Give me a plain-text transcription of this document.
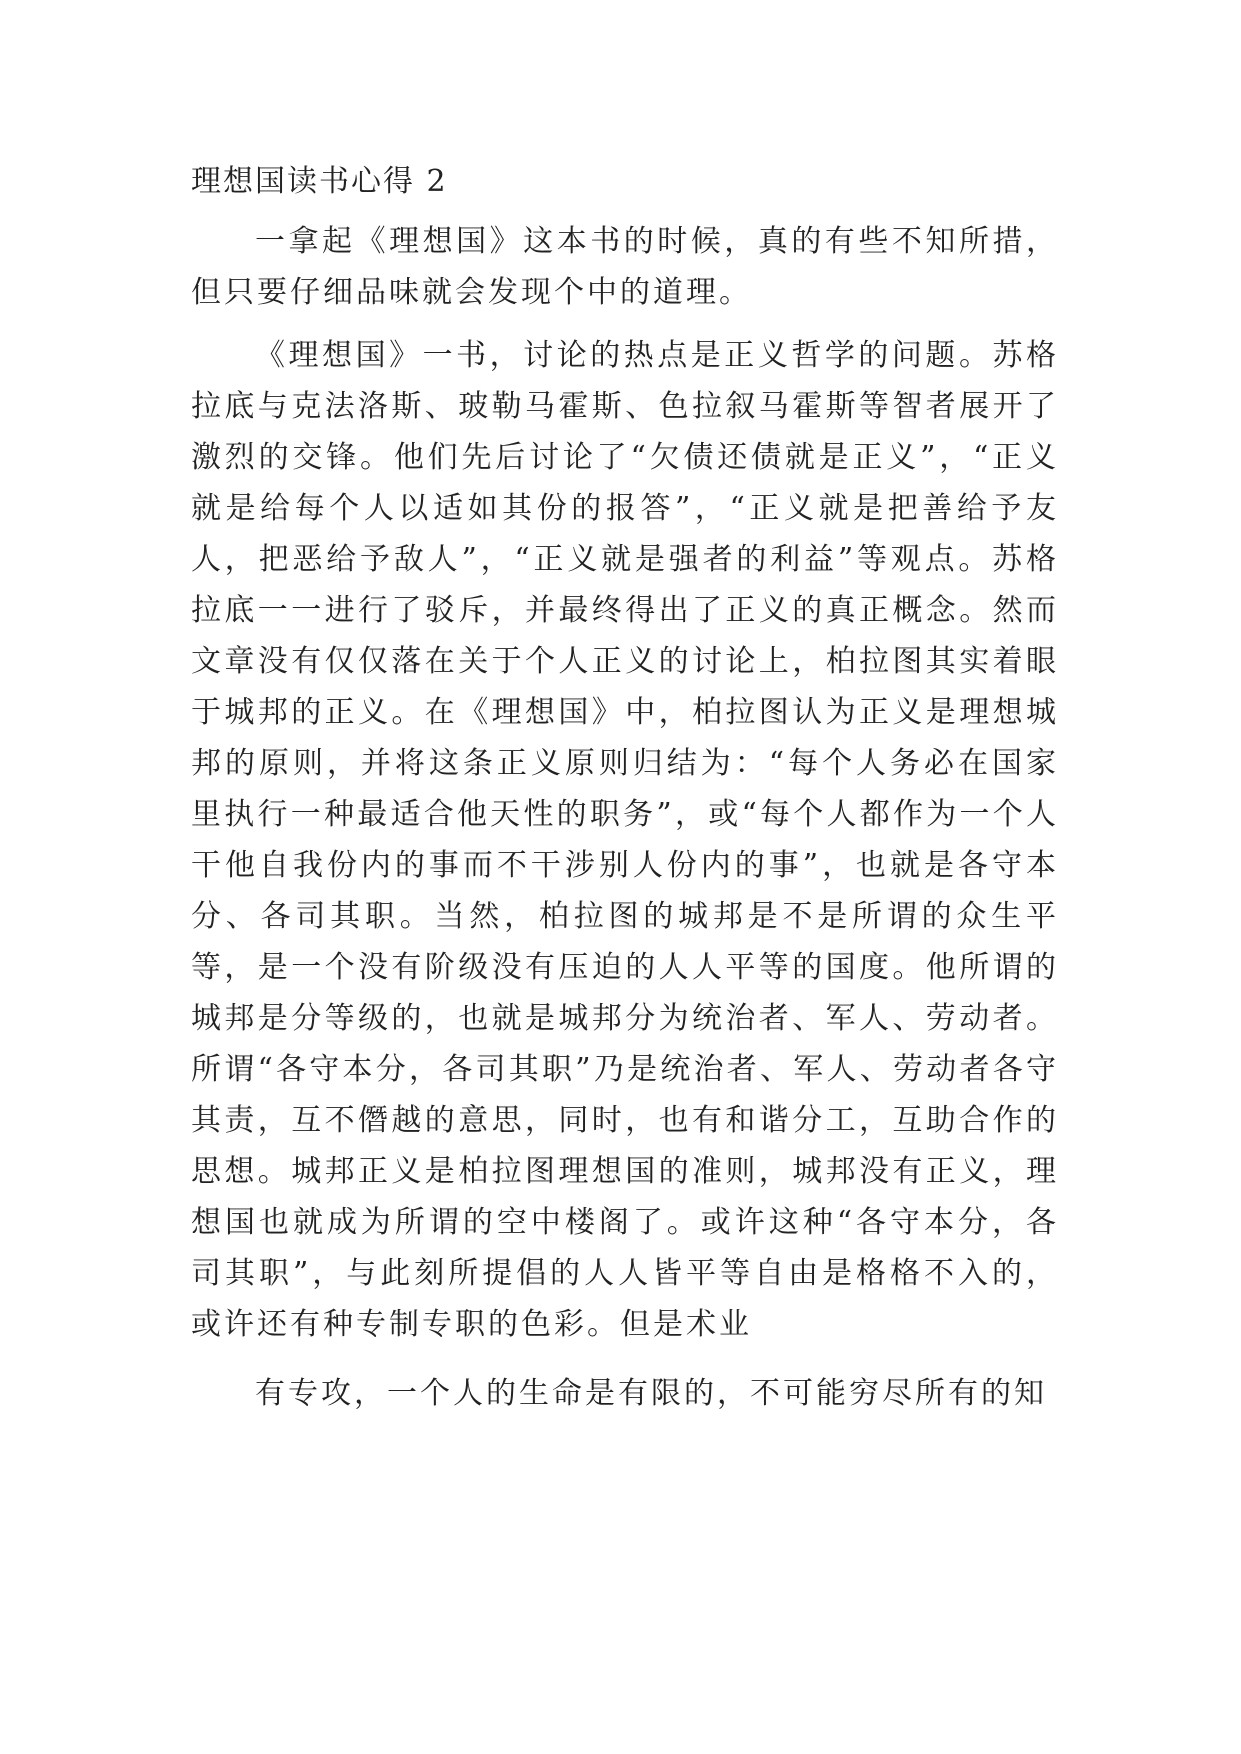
理想国读书心得 2

一拿起《理想国》这本书的时候，真的有些不知所措，但只要仔细品味就会发现个中的道理。

《理想国》一书，讨论的热点是正义哲学的问题。苏格拉底与克法洛斯、玻勒马霍斯、色拉叙马霍斯等智者展开了激烈的交锋。他们先后讨论了“欠债还债就是正义”，“正义就是给每个人以适如其份的报答”，“正义就是把善给予友人，把恶给予敌人”，“正义就是强者的利益”等观点。苏格拉底一一进行了驳斥，并最终得出了正义的真正概念。然而文章没有仅仅落在关于个人正义的讨论上，柏拉图其实着眼于城邦的正义。在《理想国》中，柏拉图认为正义是理想城邦的原则，并将这条正义原则归结为：“每个人务必在国家里执行一种最适合他天性的职务”，或“每个人都作为一个人干他自我份内的事而不干涉别人份内的事”，也就是各守本分、各司其职。当然，柏拉图的城邦是不是所谓的众生平等，是一个没有阶级没有压迫的人人平等的国度。他所谓的城邦是分等级的，也就是城邦分为统治者、军人、劳动者。所谓“各守本分，各司其职”乃是统治者、军人、劳动者各守其责，互不僭越的意思，同时，也有和谐分工，互助合作的思想。城邦正义是柏拉图理想国的准则，城邦没有正义，理想国也就成为所谓的空中楼阁了。或许这种“各守本分，各司其职”，与此刻所提倡的人人皆平等自由是格格不入的，或许还有种专制专职的色彩。但是术业

有专攻，一个人的生命是有限的，不可能穷尽所有的知
